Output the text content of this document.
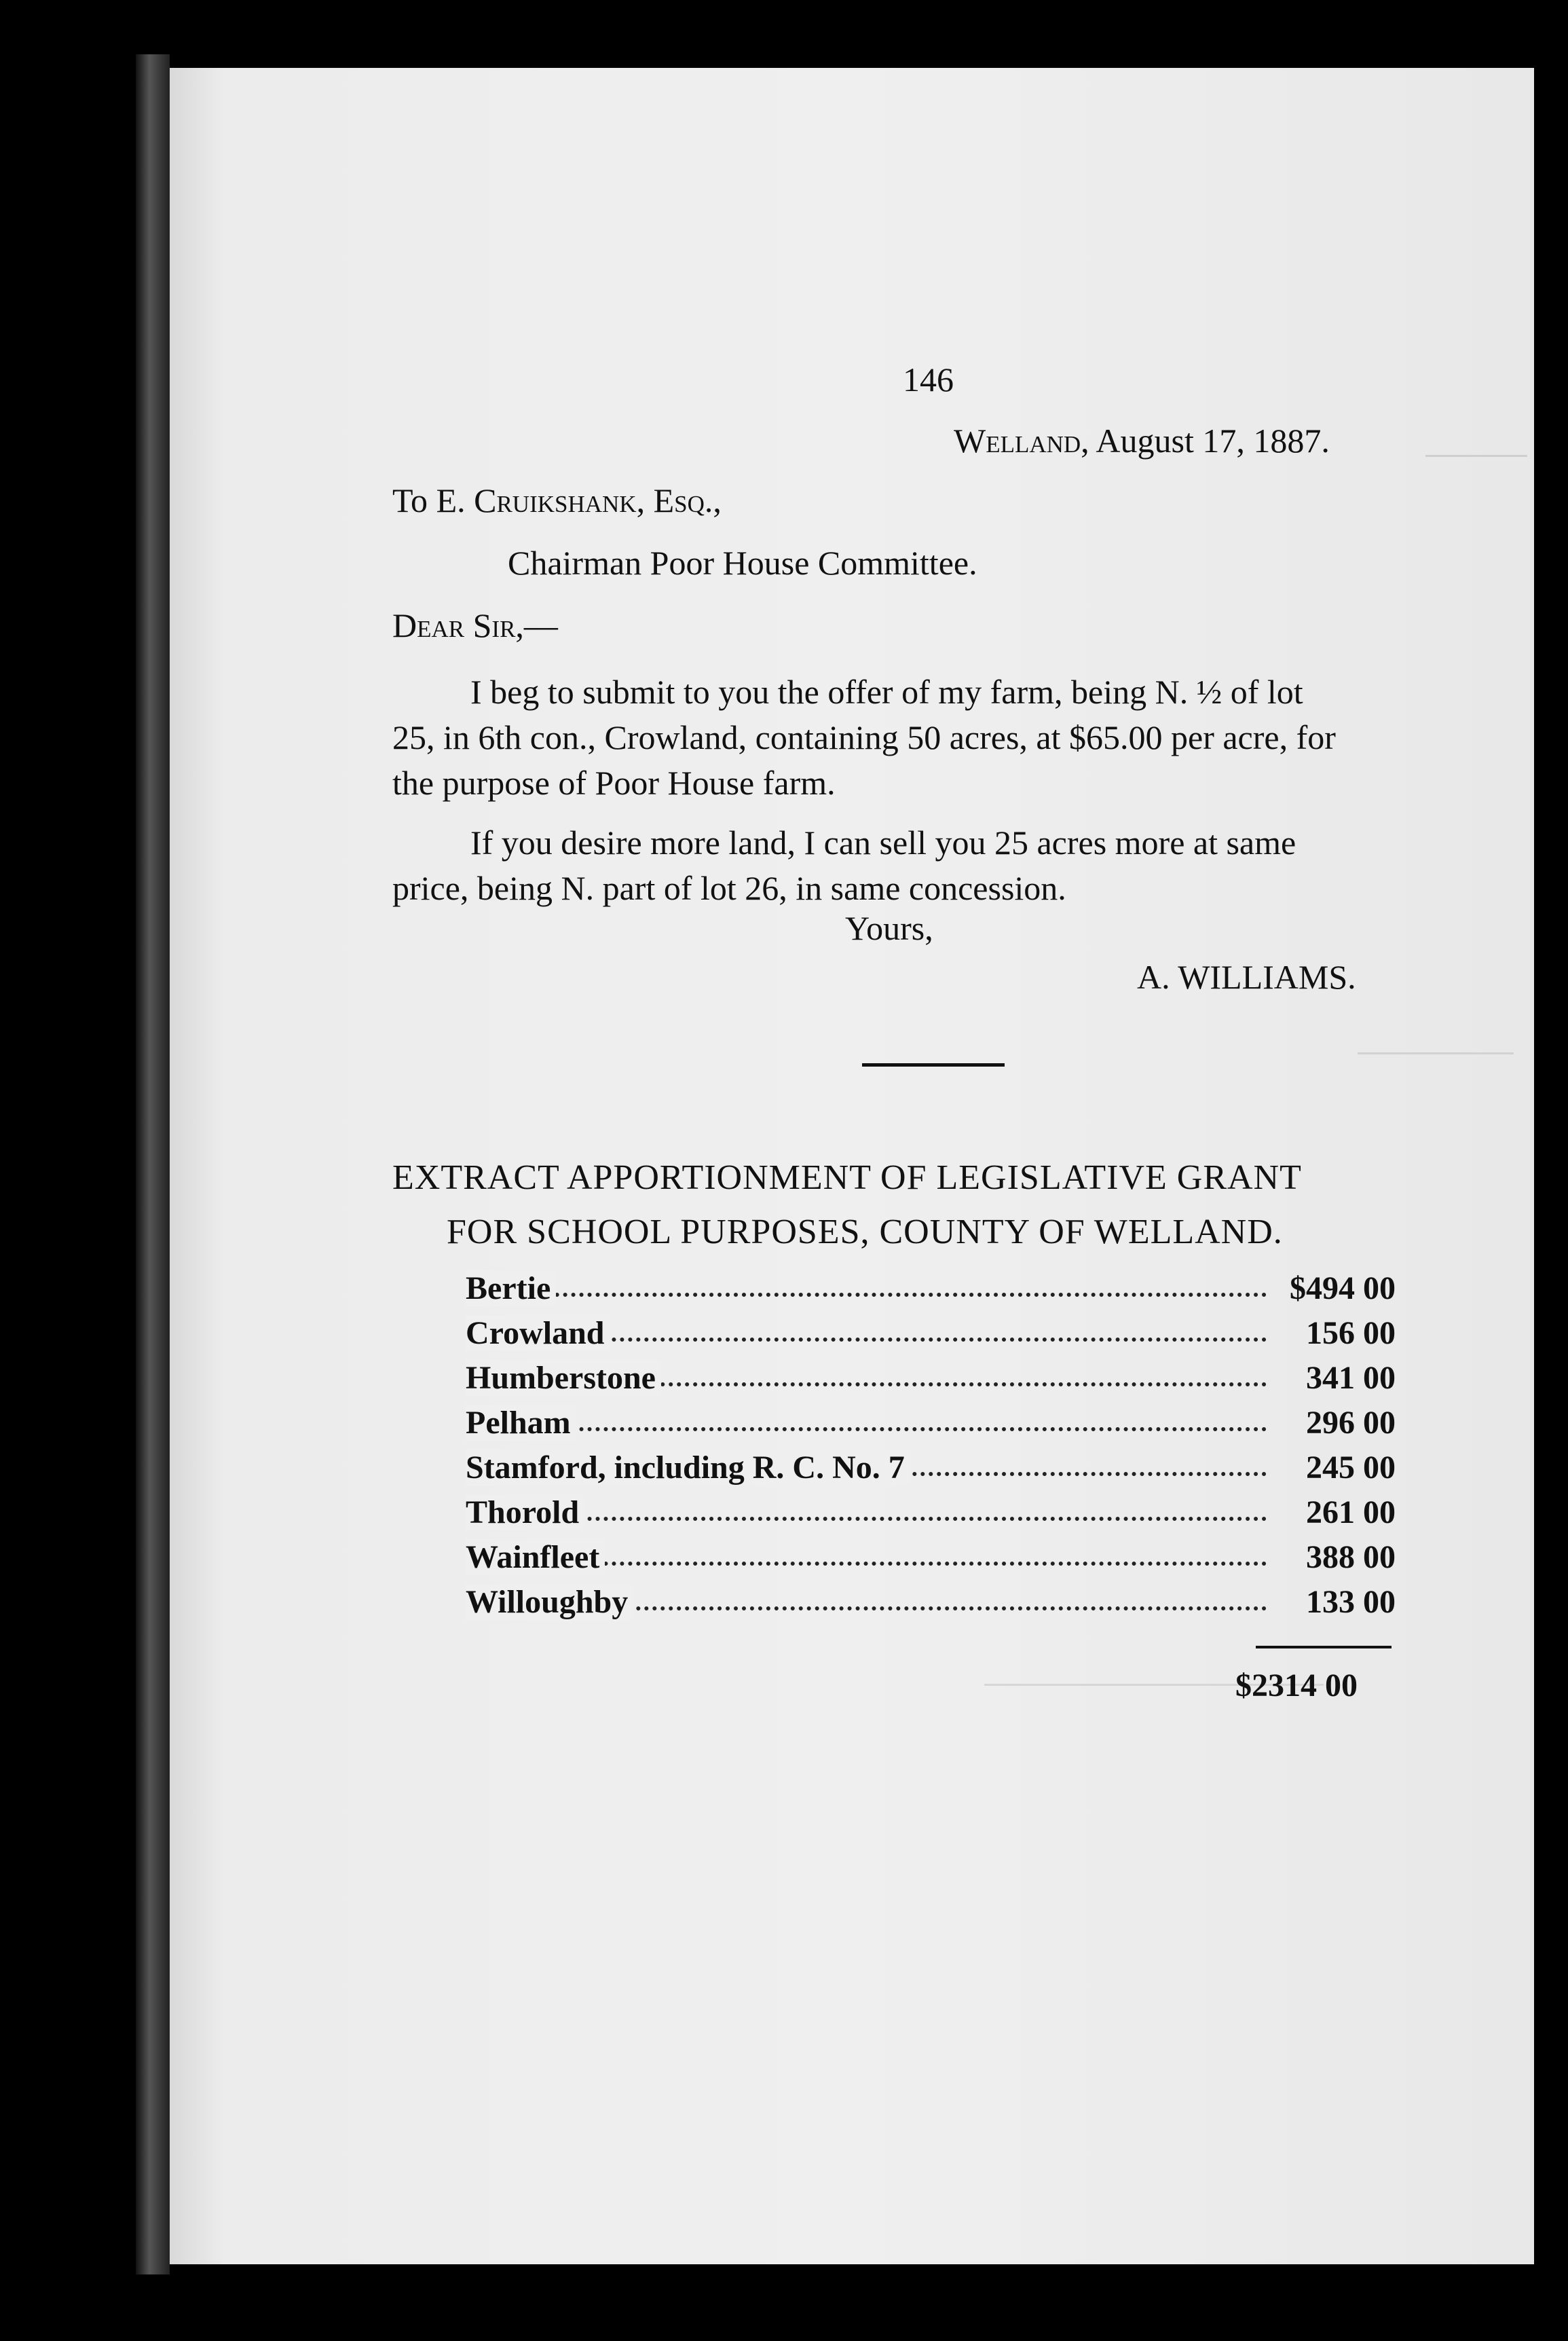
146
Welland, August 17, 1887.
To E. Cruikshank, Esq.,
Chairman Poor House Committee.
Dear Sir,—
I beg to submit to you the offer of my farm, being N. ½ of lot
25, in 6th con., Crowland, containing 50 acres, at $65.00 per acre, for
the purpose of Poor House farm.
If you desire more land, I can sell you 25 acres more at same
price, being N. part of lot 26, in same concession.
Yours,
A. WILLIAMS.
EXTRACT APPORTIONMENT OF LEGISLATIVE GRANT
FOR SCHOOL PURPOSES, COUNTY OF WELLAND.
Bertie	$494 00
Crowland	156 00
Humberstone	341 00
Pelham	296 00
Stamford, including R. C. No. 7	245 00
Thorold	261 00
Wainfleet	388 00
Willoughby	133 00
$2314 00
